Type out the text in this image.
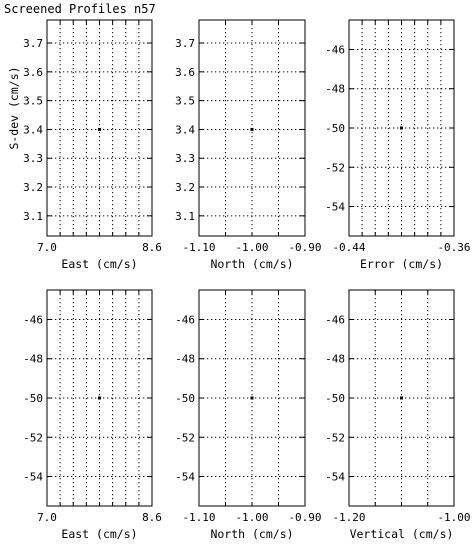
Screened Profiles n57
3.1
3.2
3.3
3.4
3.5
3.6
3.7
7.0	8.6
East (cm/s)
S-dev (cm/s)
3.1
3.2
3.3
3.4
3.5
3.6
3.7
-1.10 -1.00 -0.90
North (cm/s)
-54
-52
-50
-48
-46
-0.44	-0.36
Error (cm/s)
-54
-52
-50
-48
-46
7.0	8.6
East (cm/s)
-54
-52
-50
-48
-46
-1.10 -1.00 -0.90
North (cm/s)
-54
-52
-50
-48
-46
-1.20	-1.00
Vertical (cm/s)
